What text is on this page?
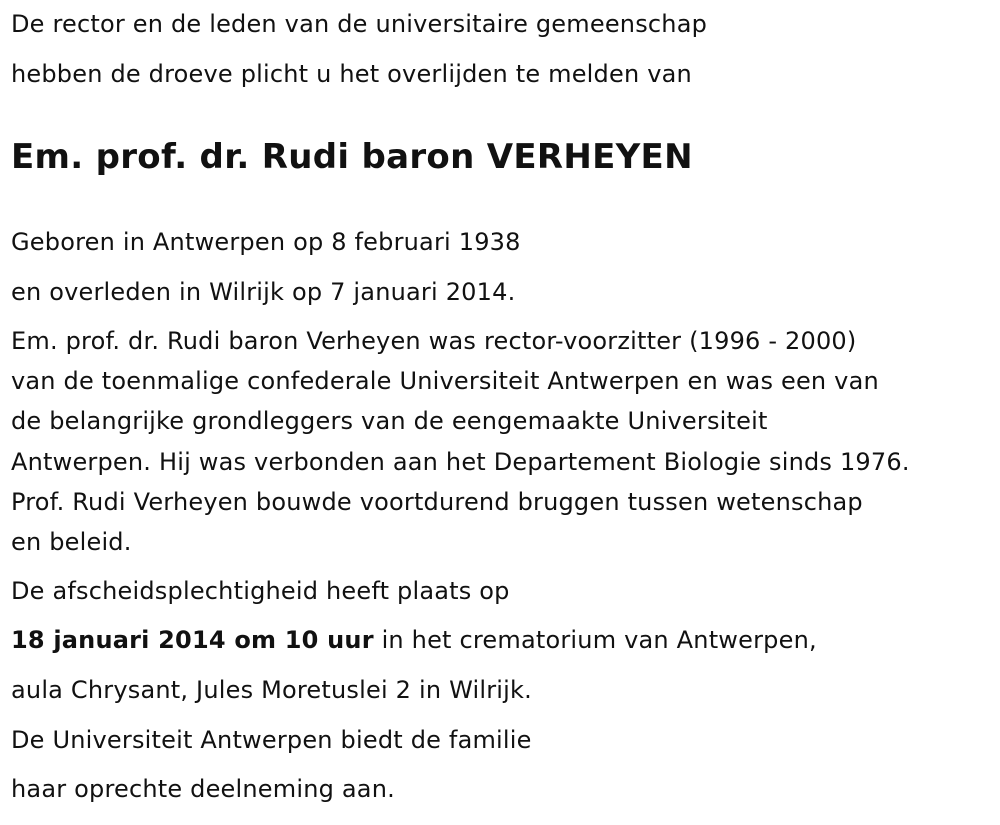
De rector en de leden van de universitaire gemeenschap
hebben de droeve plicht u het overlijden te melden van
Em. prof. dr. Rudi baron VERHEYEN
Geboren in Antwerpen op 8 februari 1938
en overleden in Wilrijk op 7 januari 2014.
Em. prof. dr. Rudi baron Verheyen was rector-voorzitter (1996 - 2000)
van de toenmalige confederale Universiteit Antwerpen en was een van
de belangrijke grondleggers van de eengemaakte Universiteit
Antwerpen. Hij was verbonden aan het Departement Biologie sinds 1976.
Prof. Rudi Verheyen bouwde voortdurend bruggen tussen wetenschap
en beleid.
De afscheidsplechtigheid heeft plaats op
18 januari 2014 om 10 uur in het crematorium van Antwerpen,
aula Chrysant, Jules Moretuslei 2 in Wilrijk.
De Universiteit Antwerpen biedt de familie
haar oprechte deelneming aan.
